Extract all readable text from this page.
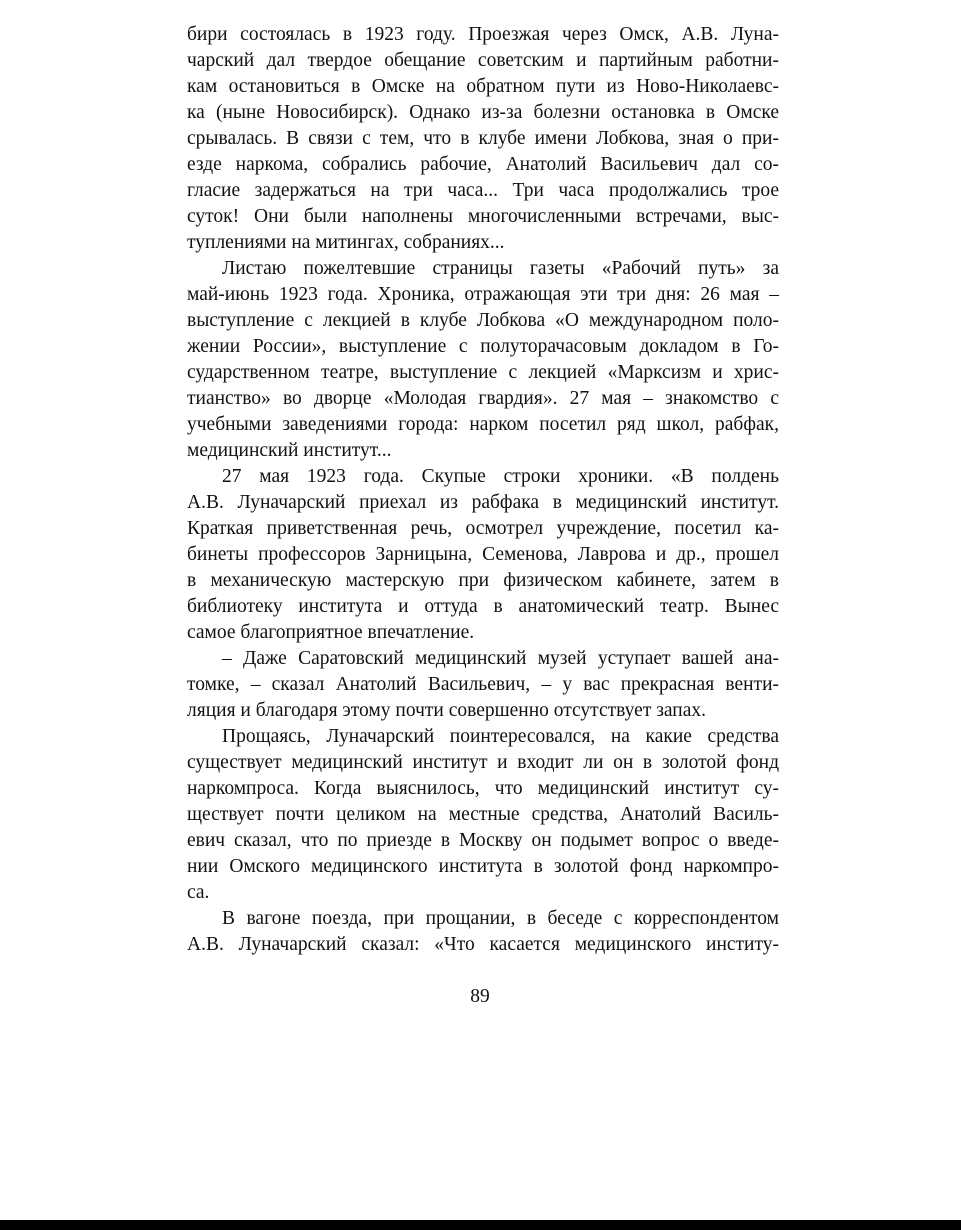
бири состоялась в 1923 году. Проезжая через Омск, А.В. Луна-
чарский дал твердое обещание советским и партийным работни-
кам остановиться в Омске на обратном пути из Ново-Николаевс-
ка (ныне Новосибирск). Однако из-за болезни остановка в Омске
срывалась. В связи с тем, что в клубе имени Лобкова, зная о при-
езде наркома, собрались рабочие, Анатолий Васильевич дал со-
гласие задержаться на три часа... Три часа продолжались трое
суток! Они были наполнены многочисленными встречами, выс-
туплениями на митингах, собраниях...
Листаю пожелтевшие страницы газеты «Рабочий путь» за
май-июнь 1923 года. Хроника, отражающая эти три дня: 26 мая –
выступление с лекцией в клубе Лобкова «О международном поло-
жении России», выступление с полуторачасовым докладом в Го-
сударственном театре, выступление с лекцией «Марксизм и хрис-
тианство» во дворце «Молодая гвардия». 27 мая – знакомство с
учебными заведениями города: нарком посетил ряд школ, рабфак,
медицинский институт...
27 мая 1923 года. Скупые строки хроники. «В полдень
А.В. Луначарский приехал из рабфака в медицинский институт.
Краткая приветственная речь, осмотрел учреждение, посетил ка-
бинеты профессоров Зарницына, Семенова, Лаврова и др., прошел
в механическую мастерскую при физическом кабинете, затем в
библиотеку института и оттуда в анатомический театр. Вынес
самое благоприятное впечатление.
– Даже Саратовский медицинский музей уступает вашей ана-
томке, – сказал Анатолий Васильевич, – у вас прекрасная венти-
ляция и благодаря этому почти совершенно отсутствует запах.
Прощаясь, Луначарский поинтересовался, на какие средства
существует медицинский институт и входит ли он в золотой фонд
наркомпроса. Когда выяснилось, что медицинский институт су-
ществует почти целиком на местные средства, Анатолий Василь-
евич сказал, что по приезде в Москву он подымет вопрос о введе-
нии Омского медицинского института в золотой фонд наркомпро-
са.
В вагоне поезда, при прощании, в беседе с корреспондентом
А.В. Луначарский сказал: «Что касается медицинского институ-
89
